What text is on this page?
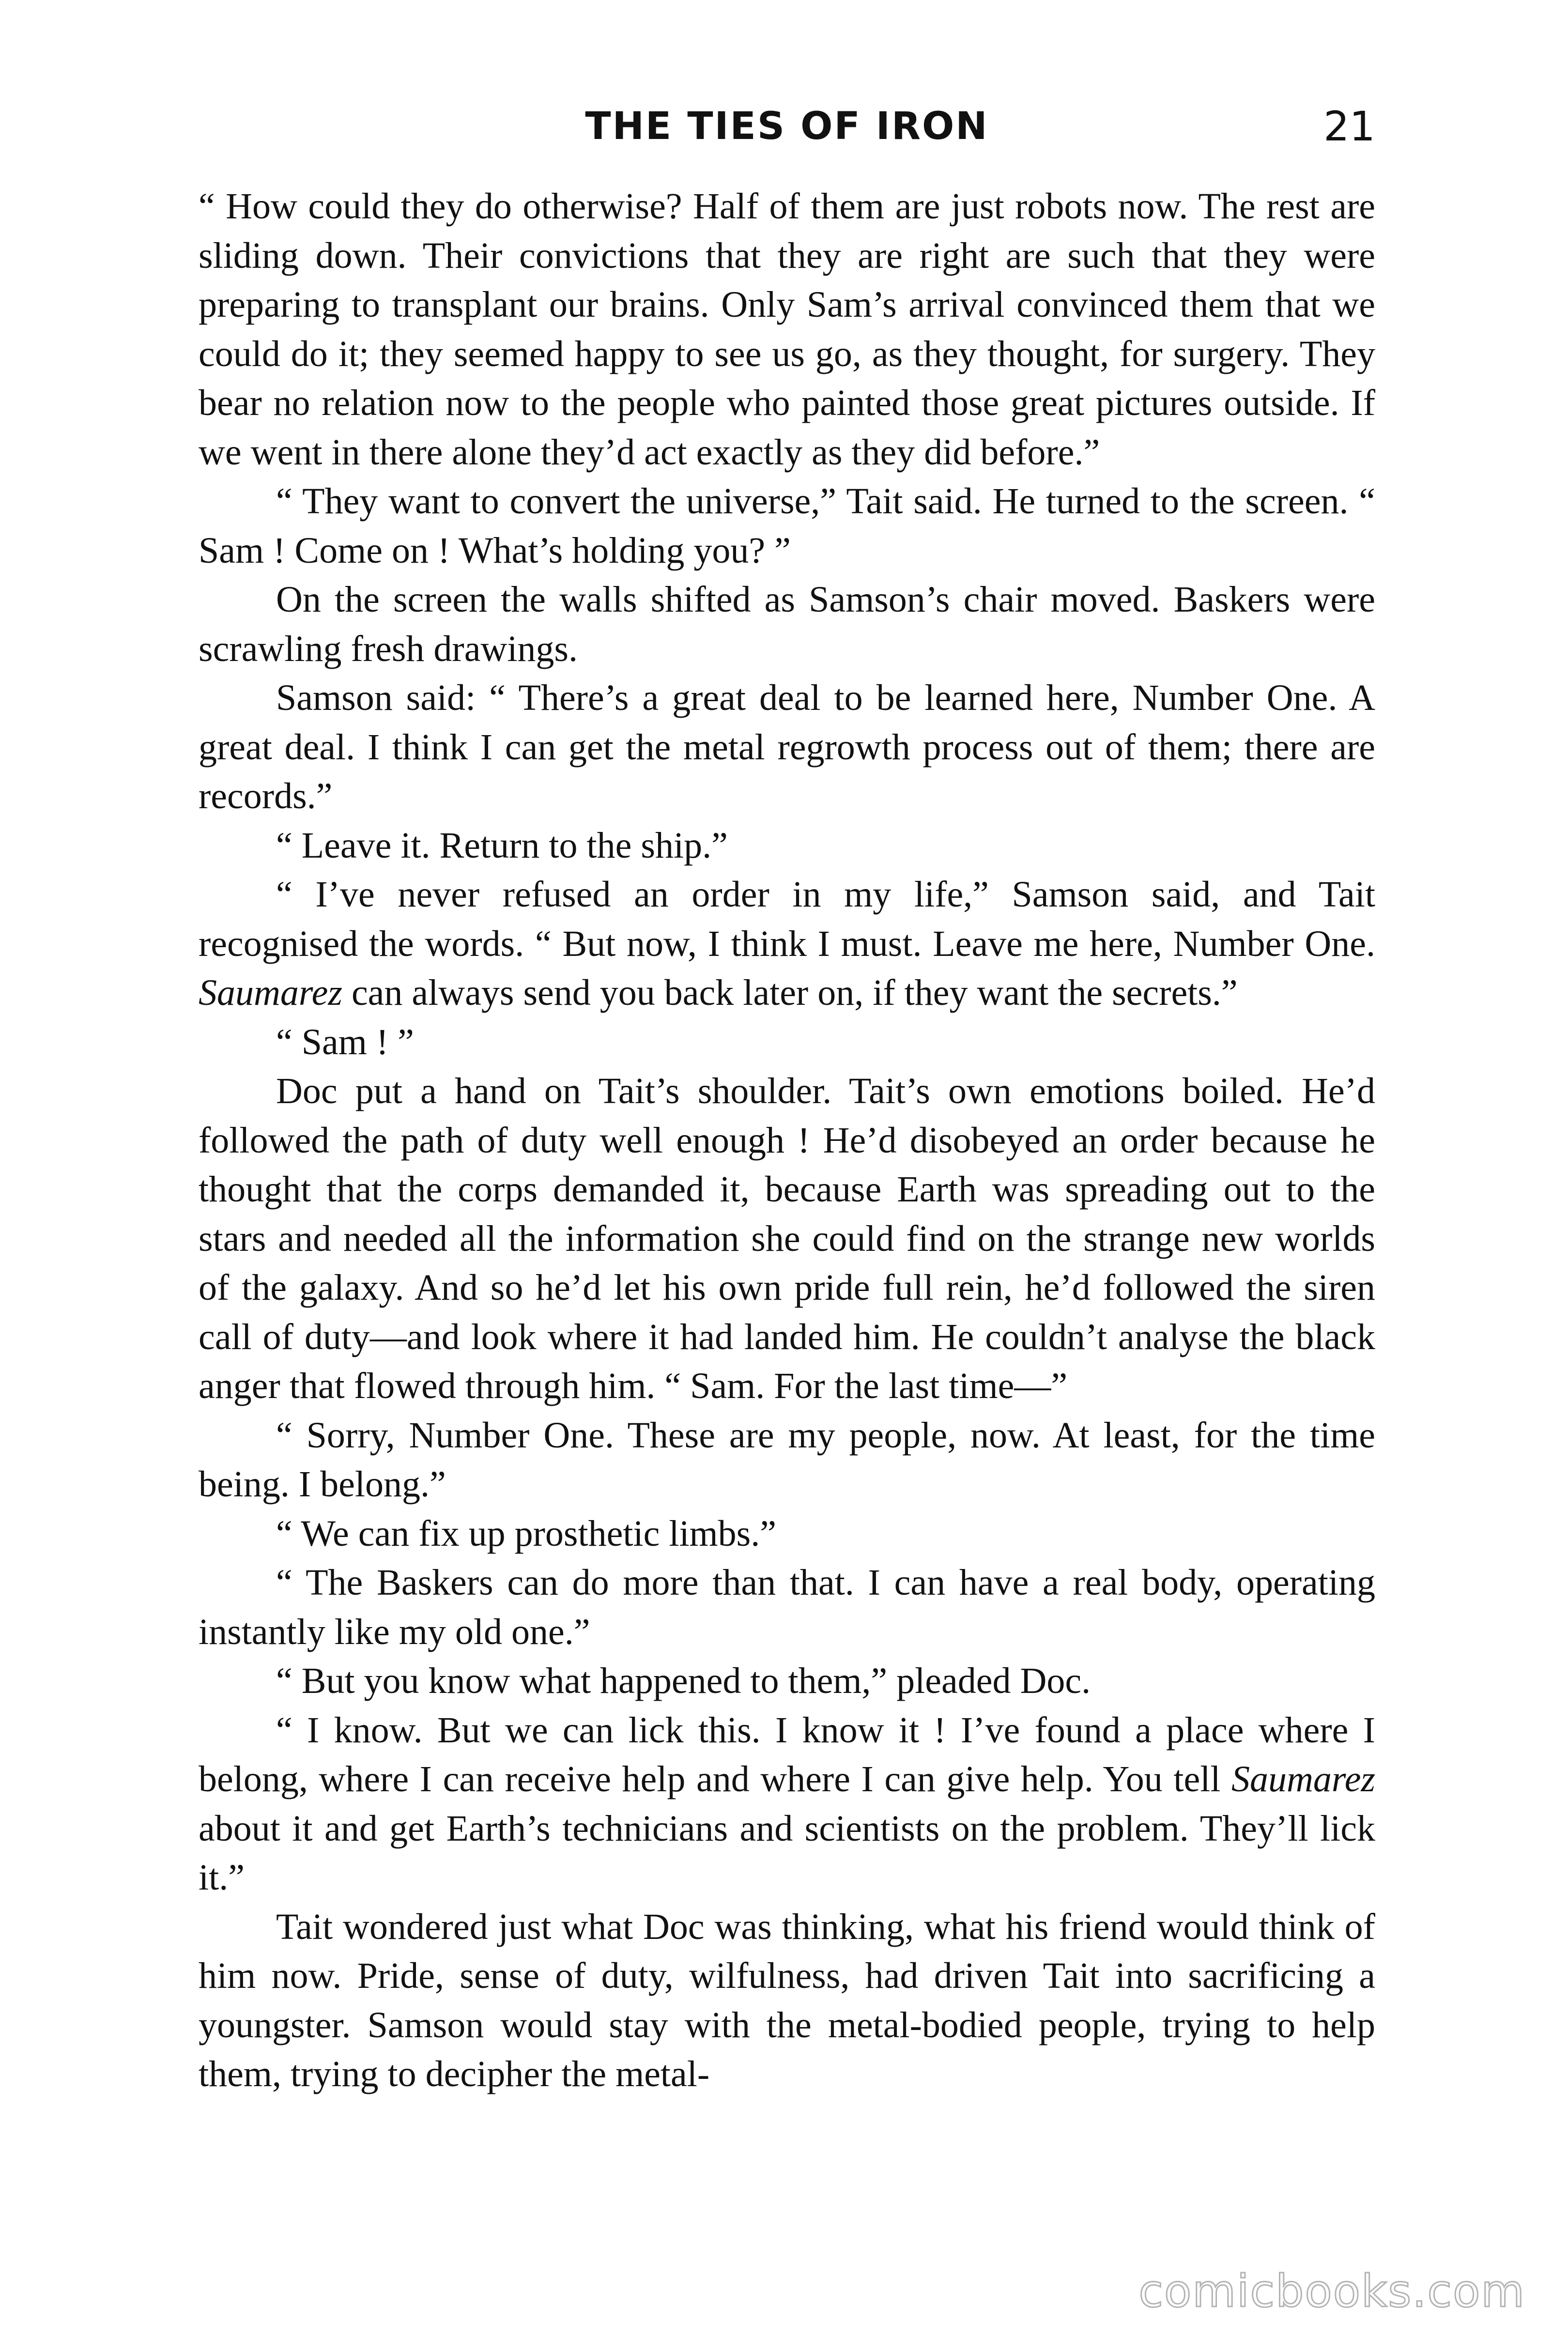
THE TIES OF IRON	21

“ How could they do otherwise? Half of them are just robots now. The rest are sliding down. Their convictions that they are right are such that they were preparing to transplant our brains. Only Sam’s arrival convinced them that we could do it; they seemed happy to see us go, as they thought, for surgery. They bear no relation now to the people who painted those great pictures outside. If we went in there alone they’d act exactly as they did before.”

“ They want to convert the universe,” Tait said. He turned to the screen. “ Sam ! Come on ! What’s holding you? ”

On the screen the walls shifted as Samson’s chair moved. Baskers were scrawling fresh drawings.

Samson said: “ There’s a great deal to be learned here, Number One. A great deal. I think I can get the metal regrowth process out of them; there are records.”

“ Leave it. Return to the ship.”

“ I’ve never refused an order in my life,” Samson said, and Tait recognised the words. “ But now, I think I must. Leave me here, Number One. Saumarez can always send you back later on, if they want the secrets.”

“ Sam ! ”

Doc put a hand on Tait’s shoulder. Tait’s own emotions boiled. He’d followed the path of duty well enough ! He’d disobeyed an order because he thought that the corps demanded it, because Earth was spreading out to the stars and needed all the information she could find on the strange new worlds of the galaxy. And so he’d let his own pride full rein, he’d followed the siren call of duty—and look where it had landed him. He couldn’t analyse the black anger that flowed through him. “ Sam. For the last time—”

“ Sorry, Number One. These are my people, now. At least, for the time being. I belong.”

“ We can fix up prosthetic limbs.”

“ The Baskers can do more than that. I can have a real body, operating instantly like my old one.”

“ But you know what happened to them,” pleaded Doc.

“ I know. But we can lick this. I know it ! I’ve found a place where I belong, where I can receive help and where I can give help. You tell Saumarez about it and get Earth’s technicians and scientists on the problem. They’ll lick it.”

Tait wondered just what Doc was thinking, what his friend would think of him now. Pride, sense of duty, wilfulness, had driven Tait into sacrificing a youngster. Samson would stay with the metal-bodied people, trying to help them, trying to decipher the metal-

comicbooks.com
